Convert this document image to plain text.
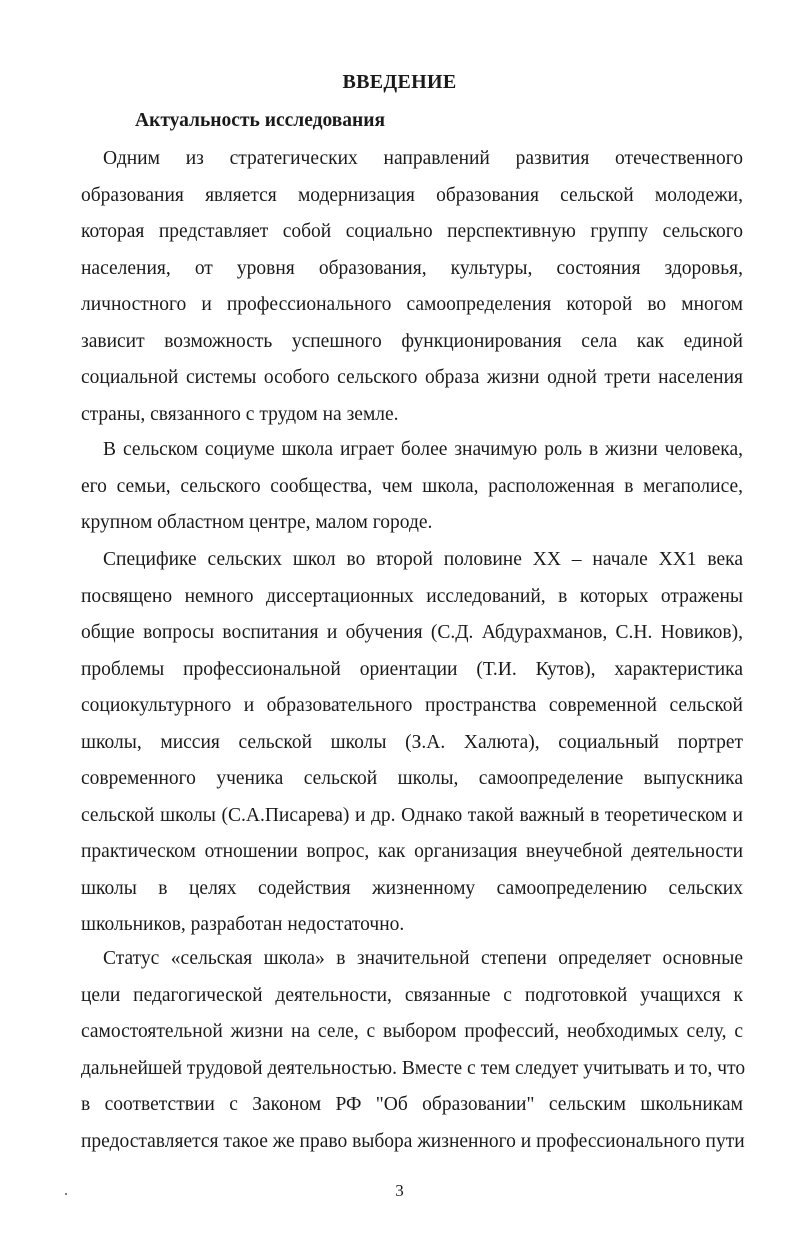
ВВЕДЕНИЕ
Актуальность исследования
Одним из стратегических направлений развития отечественного
образования является модернизация образования сельской молодежи,
которая представляет собой социально перспективную группу сельского
населения, от уровня образования, культуры, состояния здоровья,
личностного и профессионального самоопределения которой во многом
зависит возможность успешного функционирования села как единой
социальной системы особого сельского образа жизни одной трети населения
страны, связанного с трудом на земле.
В сельском социуме школа играет более значимую роль в жизни человека,
его семьи, сельского сообщества, чем школа, расположенная в мегаполисе,
крупном областном центре, малом городе.
Специфике сельских школ во второй половине XX – начале XX1 века
посвящено немного диссертационных исследований, в которых отражены
общие вопросы воспитания и обучения (С.Д. Абдурахманов, С.Н. Новиков),
проблемы профессиональной ориентации (Т.И. Кутов), характеристика
социокультурного и образовательного пространства современной сельской
школы, миссия сельской школы (З.А. Халюта), социальный портрет
современного ученика сельской школы, самоопределение выпускника
сельской школы (С.А.Писарева) и др. Однако такой важный в теоретическом и
практическом отношении вопрос, как организация внеучебной деятельности
школы в целях содействия жизненному самоопределению сельских
школьников, разработан недостаточно.
Статус «сельская школа» в значительной степени определяет основные
цели педагогической деятельности, связанные с подготовкой учащихся к
самостоятельной жизни на селе, с выбором профессий, необходимых селу, с
дальнейшей трудовой деятельностью. Вместе с тем следует учитывать и то, что
в соответствии с Законом РФ "Об образовании" сельским школьникам
предоставляется такое же право выбора жизненного и профессионального пути
3
